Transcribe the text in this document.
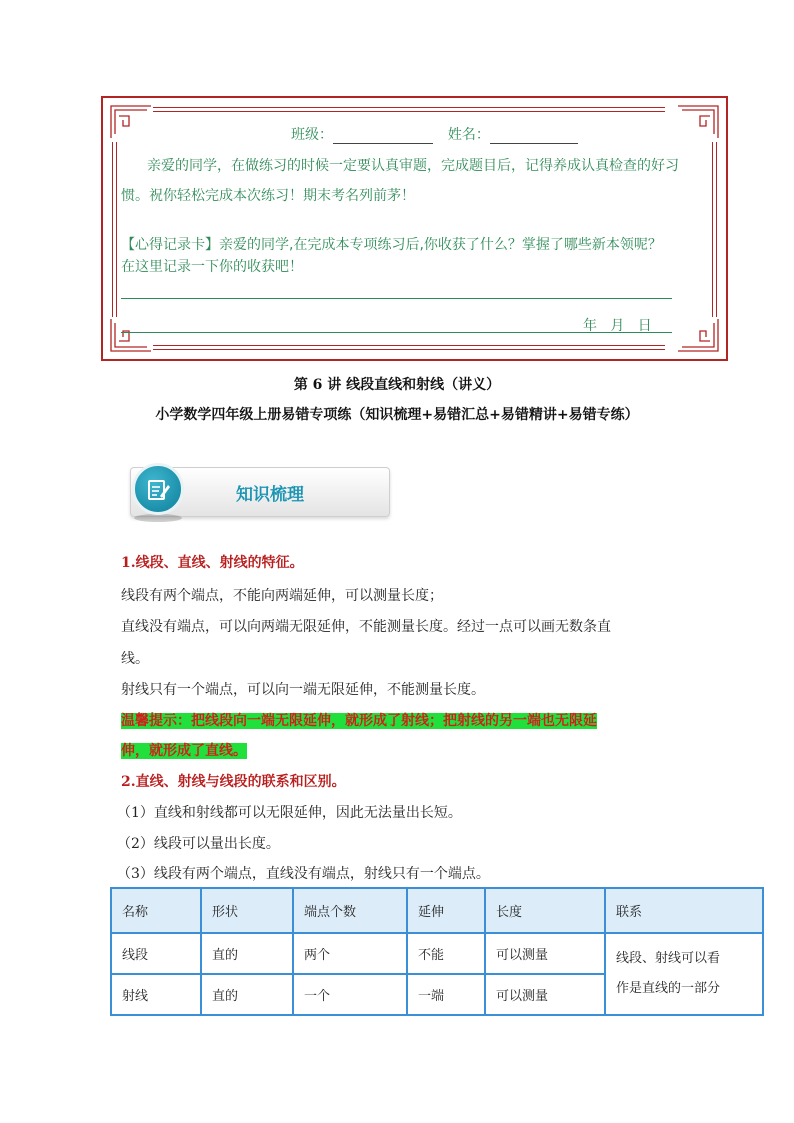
班级：	姓名：
亲爱的同学，在做练习的时候一定要认真审题，完成题目后，记得养成认真检查的好习
惯。祝你轻松完成本次练习！期末考名列前茅！
【心得记录卡】亲爱的同学,在完成本专项练习后,你收获了什么？掌握了哪些新本领呢？
在这里记录一下你的收获吧！
年   月   日
第 6 讲 线段直线和射线（讲义）
小学数学四年级上册易错专项练（知识梳理+易错汇总+易错精讲+易错专练）
知识梳理
1.线段、直线、射线的特征。
线段有两个端点，不能向两端延伸，可以测量长度；
直线没有端点，可以向两端无限延伸，不能测量长度。经过一点可以画无数条直
线。
射线只有一个端点，可以向一端无限延伸，不能测量长度。
温馨提示：把线段向一端无限延伸，就形成了射线；把射线的另一端也无限延
伸，就形成了直线。
2.直线、射线与线段的联系和区别。
（1）直线和射线都可以无限延伸，因此无法量出长短。
（2）线段可以量出长度。
（3）线段有两个端点，直线没有端点，射线只有一个端点。
名称	形状	端点个数	延伸	长度	联系
线段	直的	两个	不能	可以测量	线段、射线可以看
作是直线的一部分

射线	直的	一个	一端	可以测量	
